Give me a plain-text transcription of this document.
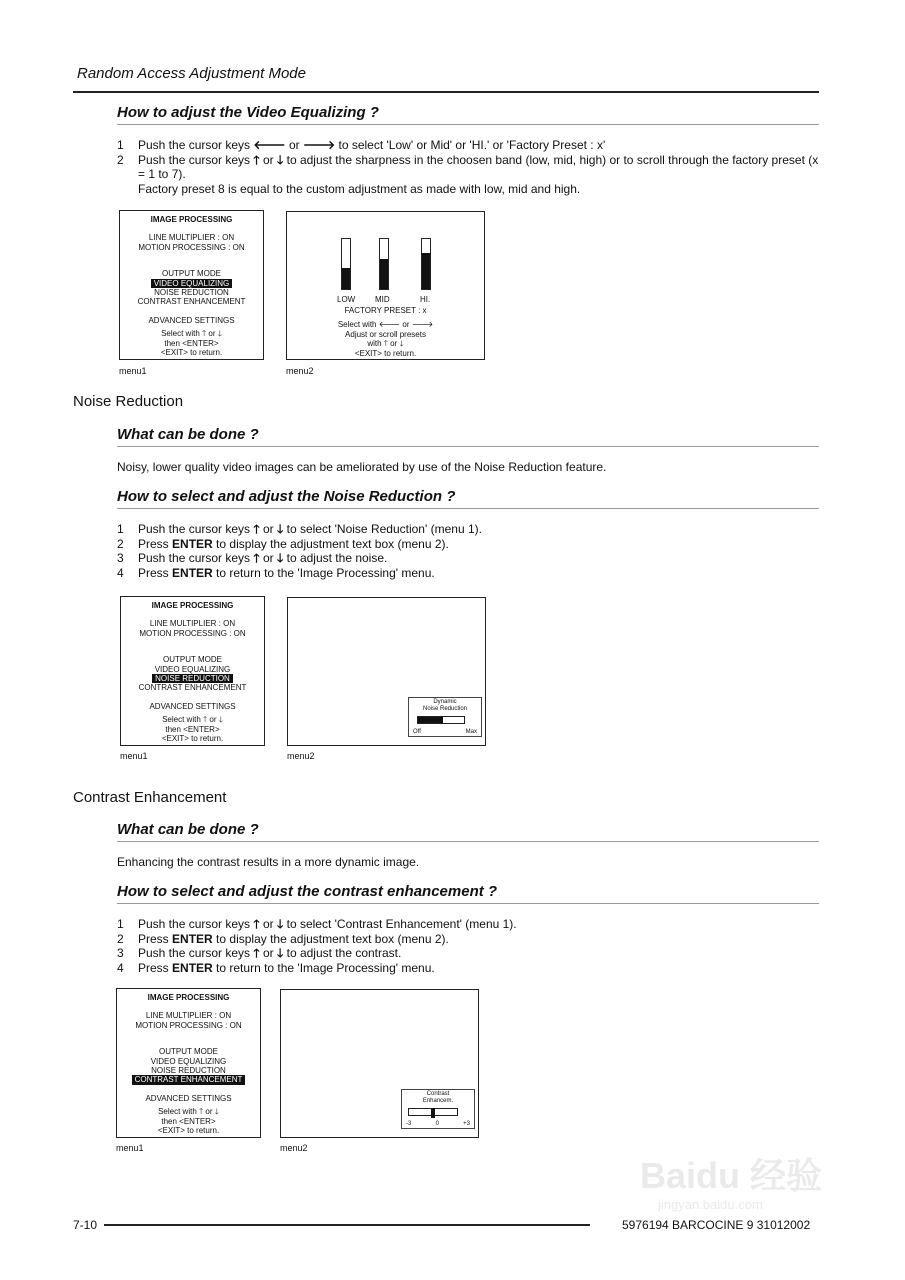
Random Access Adjustment Mode
How to adjust the Video Equalizing ?
1	Push the cursor keys 🡐 or 🡒 to select 'Low' or Mid' or 'HI.' or 'Factory Preset : x'
2	Push the cursor keys 🡑 or 🡓 to adjust the sharpness in the choosen band (low, mid, high) or to scroll through the factory preset (x = 1 to 7).
Factory preset 8 is equal to the custom adjustment as made with low, mid and high.
IMAGE PROCESSING
LINE MULTIPLIER : ON
MOTION PROCESSING : ON
OUTPUT MODE
VIDEO EQUALIZING
NOISE REDUCTION
CONTRAST ENHANCEMENT
ADVANCED SETTINGS
Select with 🡑 or 🡓
then <ENTER>
<EXIT> to return.
menu1
LOW MID	HI.
FACTORY PRESET : x
Select with 🡐 or 🡒
Adjust or scroll presets
with 🡑 or 🡓
<EXIT> to return.
menu2
Noise Reduction
What can be done ?
Noisy, lower quality video images can be ameliorated by use of the Noise Reduction feature.
How to select and adjust the Noise Reduction ?
1	Push the cursor keys 🡑 or 🡓 to select 'Noise Reduction' (menu 1).
2	Press ENTER to display the adjustment text box (menu 2).
3	Push the cursor keys 🡑 or 🡓 to adjust the noise.
4	Press ENTER to return to the 'Image Processing' menu.
IMAGE PROCESSING
LINE MULTIPLIER : ON
MOTION PROCESSING : ON
OUTPUT MODE
VIDEO EQUALIZING
NOISE REDUCTION
CONTRAST ENHANCEMENT
ADVANCED SETTINGS
Select with 🡑 or 🡓
then <ENTER>
<EXIT> to return.
menu1
Dynamic
Noise Reduction
Off	Max
menu2
Contrast Enhancement
What can be done ?
Enhancing the contrast results in a more dynamic image.
How to select and adjust the contrast enhancement ?
1	Push the cursor keys 🡑 or 🡓 to select 'Contrast Enhancement' (menu 1).
2	Press ENTER to display the adjustment text box (menu 2).
3	Push the cursor keys 🡑 or 🡓 to adjust the contrast.
4	Press ENTER to return to the 'Image Processing' menu.
IMAGE PROCESSING
LINE MULTIPLIER : ON
MOTION PROCESSING : ON
OUTPUT MODE
VIDEO EQUALIZING
NOISE REDUCTION
CONTRAST ENHANCEMENT
ADVANCED SETTINGS
Select with 🡑 or 🡓
then <ENTER>
<EXIT> to return.
menu1
Contrast
Enhancem.
-3	0	+3
menu2
7-10	5976194 BARCOCINE 9 31012002
Baidu 经验
jingyan.baidu.com
